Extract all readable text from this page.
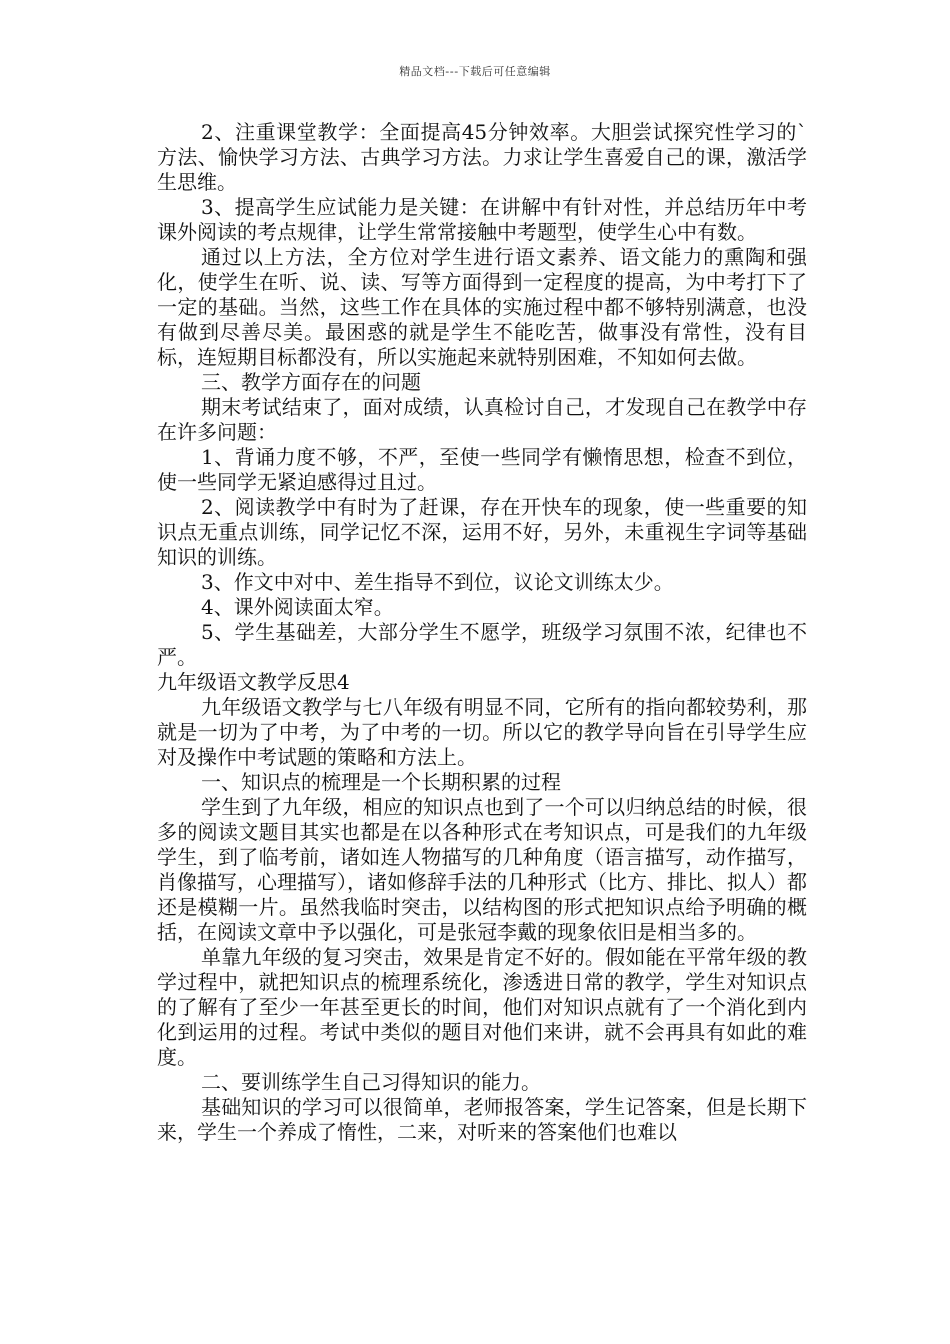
精品文档---下载后可任意编辑

2、注重课堂教学：全面提高45分钟效率。大胆尝试探究性学习的`方法、愉快学习方法、古典学习方法。力求让学生喜爱自己的课，激活学生思维。

3、提高学生应试能力是关键：在讲解中有针对性，并总结历年中考课外阅读的考点规律，让学生常常接触中考题型，使学生心中有数。

通过以上方法，全方位对学生进行语文素养、语文能力的熏陶和强化，使学生在听、说、读、写等方面得到一定程度的提高，为中考打下了一定的基础。当然，这些工作在具体的实施过程中都不够特别满意，也没有做到尽善尽美。最困惑的就是学生不能吃苦，做事没有常性，没有目标，连短期目标都没有，所以实施起来就特别困难，不知如何去做。

三、教学方面存在的问题

期末考试结束了，面对成绩，认真检讨自己，才发现自己在教学中存在许多问题：

1、背诵力度不够，不严，至使一些同学有懒惰思想，检查不到位，使一些同学无紧迫感得过且过。

2、阅读教学中有时为了赶课，存在开快车的现象，使一些重要的知识点无重点训练，同学记忆不深，运用不好，另外，未重视生字词等基础知识的训练。

3、作文中对中、差生指导不到位，议论文训练太少。

4、课外阅读面太窄。

5、学生基础差，大部分学生不愿学，班级学习氛围不浓，纪律也不严。

九年级语文教学反思4

九年级语文教学与七八年级有明显不同，它所有的指向都较势利，那就是一切为了中考，为了中考的一切。所以它的教学导向旨在引导学生应对及操作中考试题的策略和方法上。

一、知识点的梳理是一个长期积累的过程

学生到了九年级，相应的知识点也到了一个可以归纳总结的时候，很多的阅读文题目其实也都是在以各种形式在考知识点，可是我们的九年级学生，到了临考前，诸如连人物描写的几种角度（语言描写，动作描写，肖像描写，心理描写），诸如修辞手法的几种形式（比方、排比、拟人）都还是模糊一片。虽然我临时突击，以结构图的形式把知识点给予明确的概括，在阅读文章中予以强化，可是张冠李戴的现象依旧是相当多的。

单靠九年级的复习突击，效果是肯定不好的。假如能在平常年级的教学过程中，就把知识点的梳理系统化，渗透进日常的教学，学生对知识点的了解有了至少一年甚至更长的时间，他们对知识点就有了一个消化到内化到运用的过程。考试中类似的题目对他们来讲，就不会再具有如此的难度。

二、要训练学生自己习得知识的能力。

基础知识的学习可以很简单，老师报答案，学生记答案，但是长期下来，学生一个养成了惰性，二来，对听来的答案他们也难以
